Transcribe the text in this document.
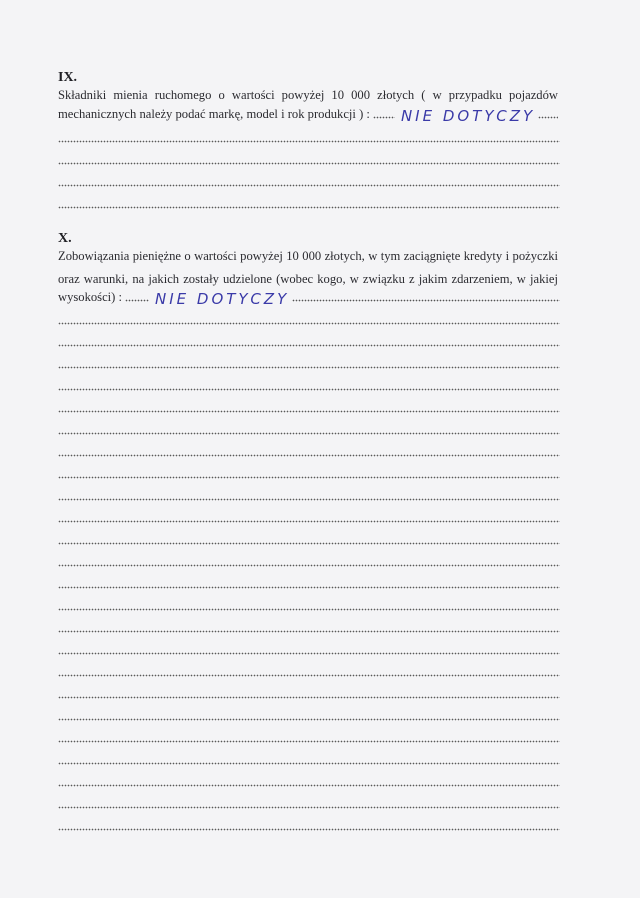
IX.
Składniki mienia ruchomego o wartości powyżej 10 000 złotych ( w przypadku pojazdów
mechanicznych należy podać markę, model i rok produkcji ) :	NIE DOTYCZY
X.
Zobowiązania pieniężne o wartości powyżej 10 000 złotych, w tym zaciągnięte kredyty i pożyczki
oraz warunki, na jakich zostały udzielone (wobec kogo, w związku z jakim zdarzeniem, w jakiej
wysokości) :	NIE DOTYCZY
